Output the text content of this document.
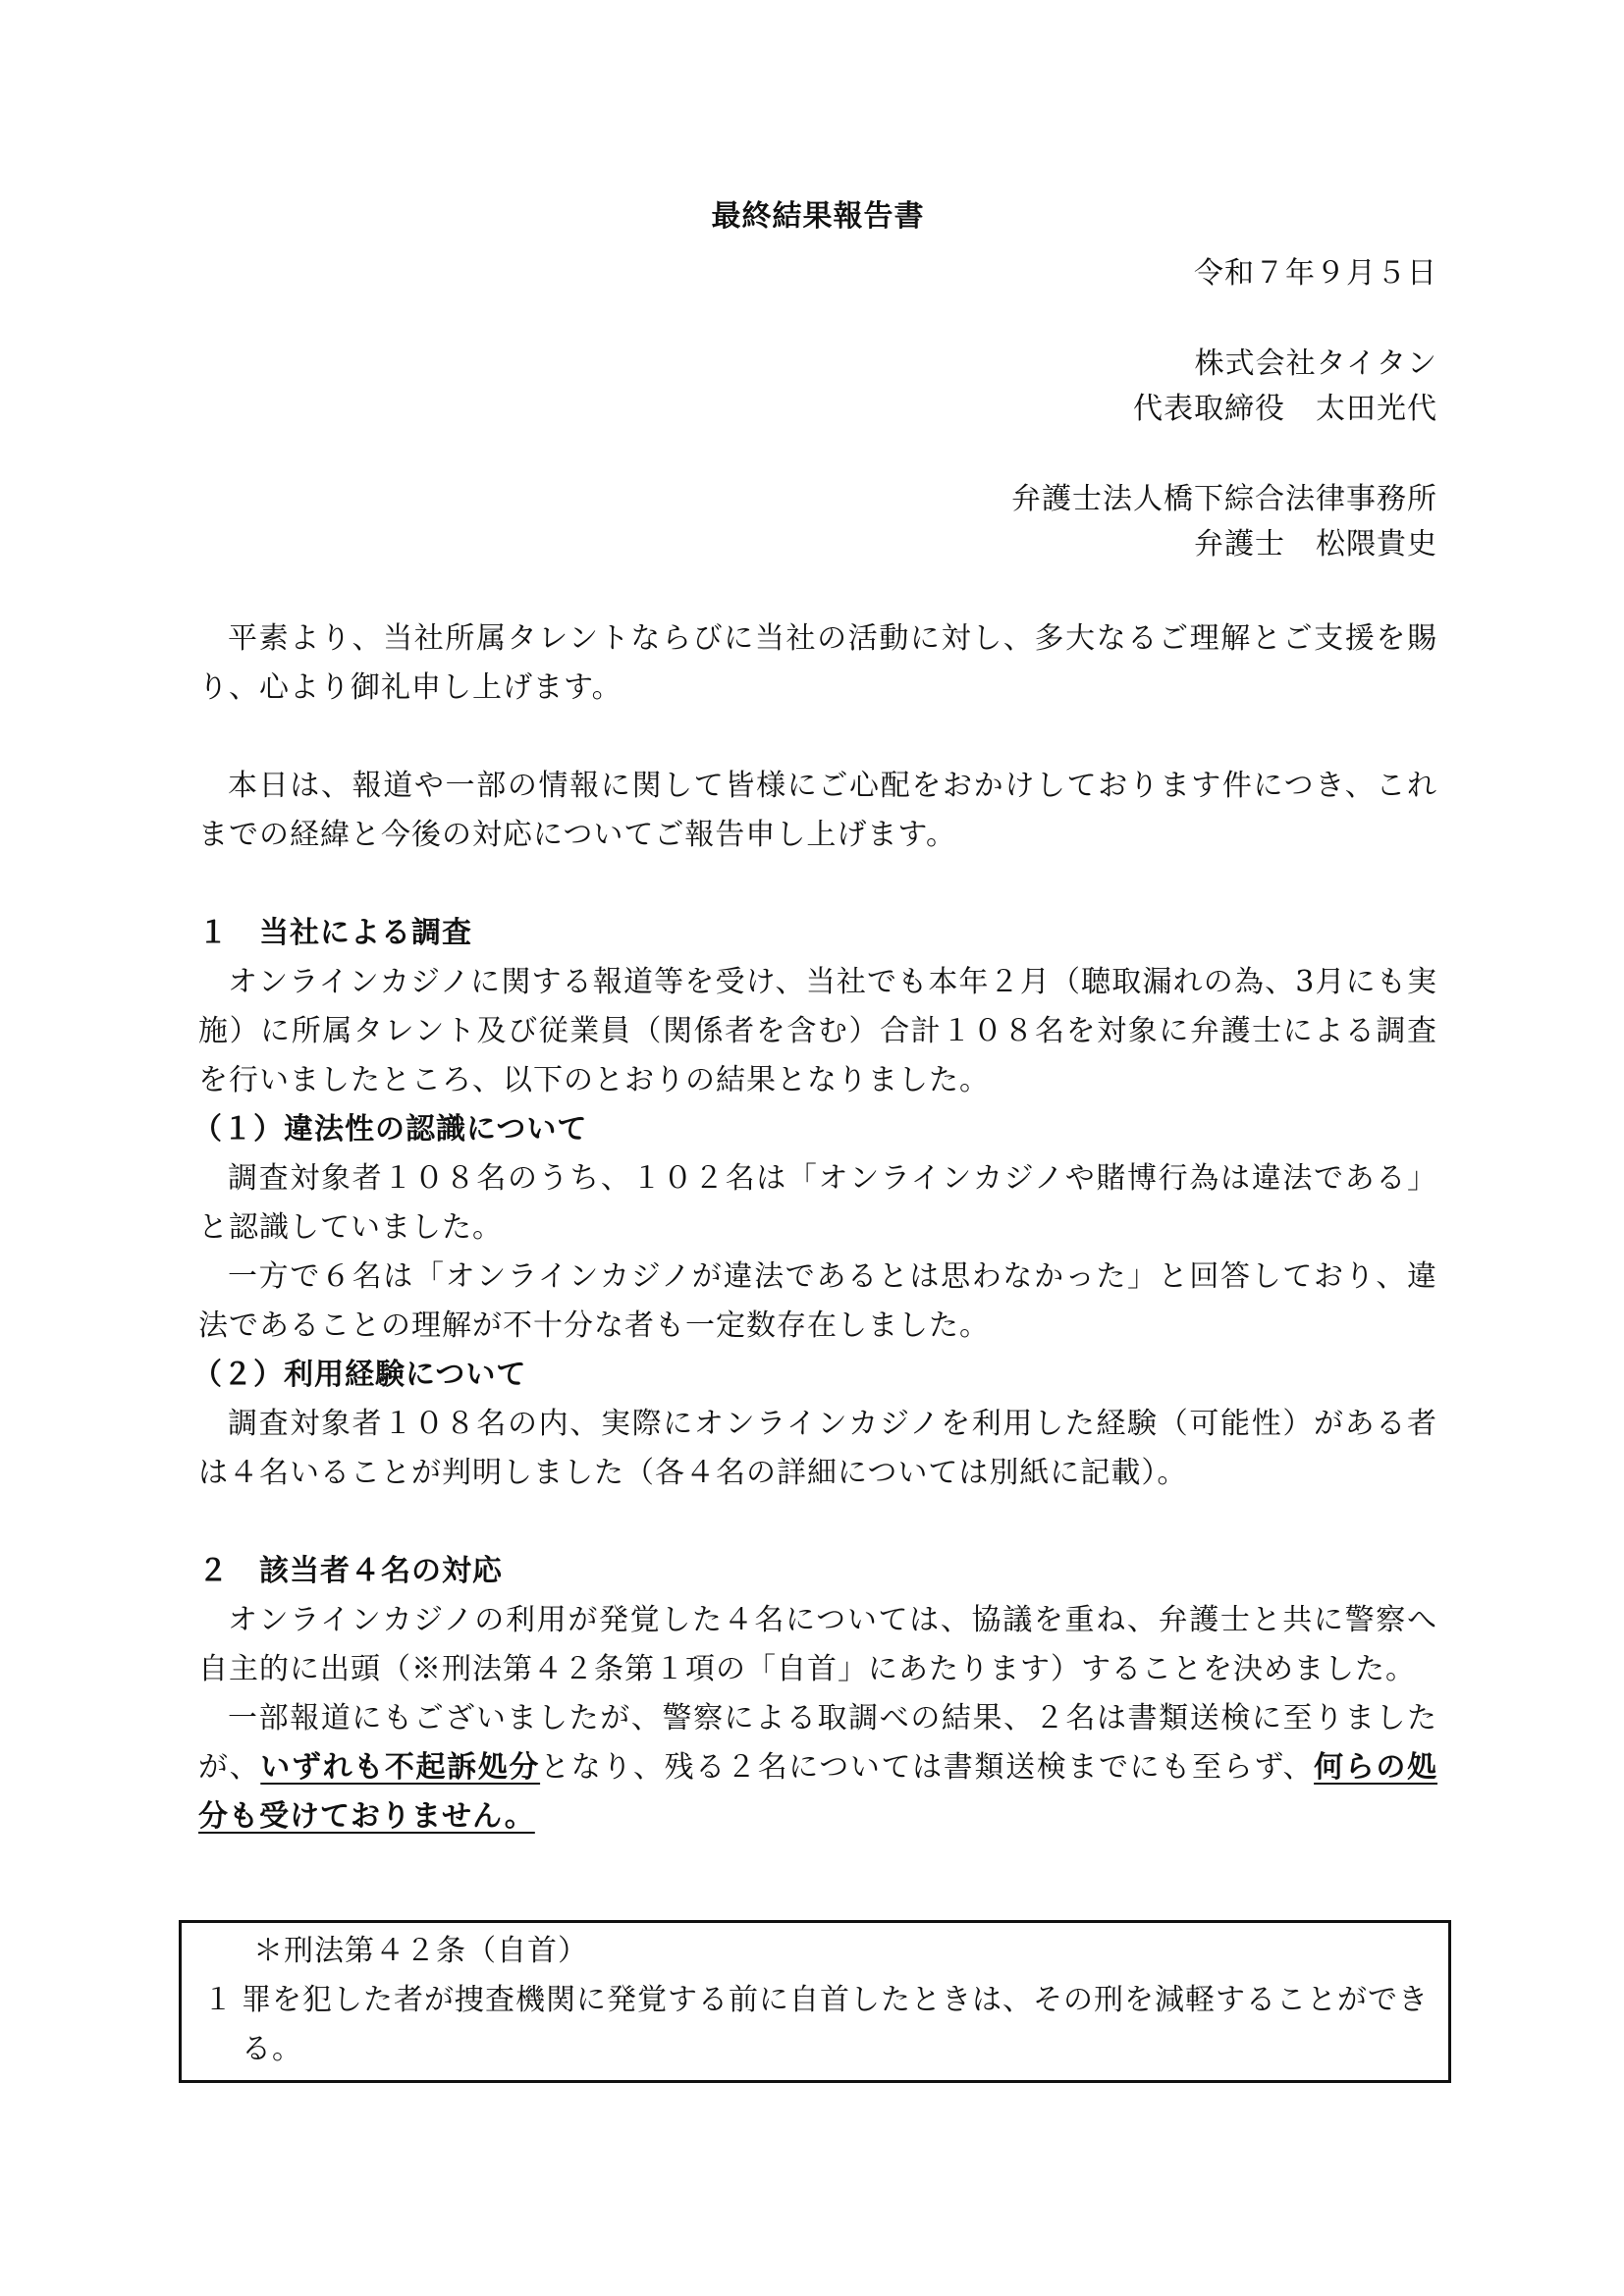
最終結果報告書
令和７年９月５日
株式会社タイタン
代表取締役　太田光代
弁護士法人橋下綜合法律事務所
弁護士　松隈貴史

平素より、当社所属タレントならびに当社の活動に対し、多大なるご理解とご支援を賜り、心より御礼申し上げます。

本日は、報道や一部の情報に関して皆様にご心配をおかけしております件につき、これまでの経緯と今後の対応についてご報告申し上げます。

１　当社による調査

オンラインカジノに関する報道等を受け、当社でも本年２月（聴取漏れの為、3月にも実施）に所属タレント及び従業員（関係者を含む）合計１０８名を対象に弁護士による調査を行いましたところ、以下のとおりの結果となりました。

（１）違法性の認識について

調査対象者１０８名のうち、１０２名は「オンラインカジノや賭博行為は違法である」と認識していました。

一方で６名は「オンラインカジノが違法であるとは思わなかった」と回答しており、違法であることの理解が不十分な者も一定数存在しました。

（２）利用経験について

調査対象者１０８名の内、実際にオンラインカジノを利用した経験（可能性）がある者は４名いることが判明しました（各４名の詳細については別紙に記載）。

２　該当者４名の対応

オンラインカジノの利用が発覚した４名については、協議を重ね、弁護士と共に警察へ自主的に出頭（※刑法第４２条第１項の「自首」にあたります）することを決めました。

一部報道にもございましたが、警察による取調べの結果、２名は書類送検に至りましたが、いずれも不起訴処分となり、残る２名については書類送検までにも至らず、何らの処分も受けておりません。

＊刑法第４２条（自首）
１ 罪を犯した者が捜査機関に発覚する前に自首したときは、その刑を減軽することができる。
